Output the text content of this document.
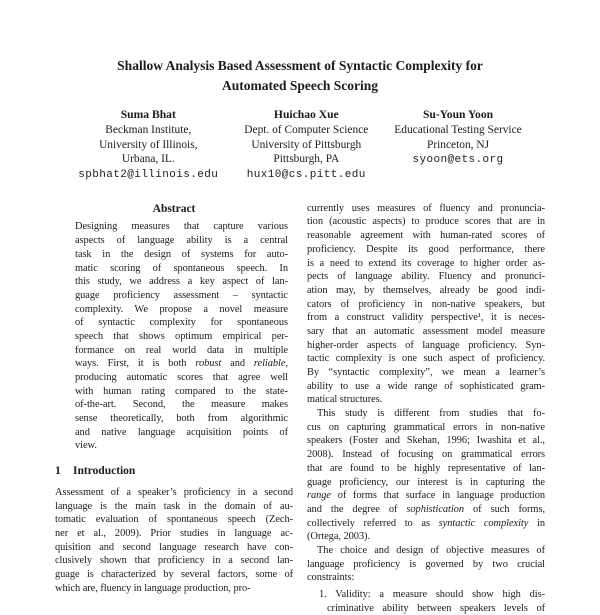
Shallow Analysis Based Assessment of Syntactic Complexity for
Automated Speech Scoring
Suma Bhat
Beckman Institute,
University of Illinois,
Urbana, IL.
spbhat2@illinois.edu
Huichao Xue
Dept. of Computer Science
University of Pittsburgh
Pittsburgh, PA
hux10@cs.pitt.edu
Su-Youn Yoon
Educational Testing Service
Princeton, NJ
syoon@ets.org
Abstract
Designing measures that capture various
aspects of language ability is a central
task in the design of systems for auto-
matic scoring of spontaneous speech. In
this study, we address a key aspect of lan-
guage proficiency assessment – syntactic
complexity. We propose a novel measure
of syntactic complexity for spontaneous
speech that shows optimum empirical per-
formance on real world data in multiple
ways. First, it is both robust and reliable,
producing automatic scores that agree well
with human rating compared to the state-
of-the-art. Second, the measure makes
sense theoretically, both from algorithmic
and native language acquisition points of
view.
1 Introduction
Assessment of a speaker’s proficiency in a second
language is the main task in the domain of au-
tomatic evaluation of spontaneous speech (Zech-
ner et al., 2009). Prior studies in language ac-
quisition and second language research have con-
clusively shown that proficiency in a second lan-
guage is characterized by several factors, some of
which are, fluency in language production, pro-
currently uses measures of fluency and pronuncia-
tion (acoustic aspects) to produce scores that are in
reasonable agreement with human-rated scores of
proficiency. Despite its good performance, there
is a need to extend its coverage to higher order as-
pects of language ability. Fluency and pronunci-
ation may, by themselves, already be good indi-
cators of proficiency in non-native speakers, but
from a construct validity perspective¹, it is neces-
sary that an automatic assessment model measure
higher-order aspects of language proficiency. Syn-
tactic complexity is one such aspect of proficiency.
By “syntactic complexity”, we mean a learner’s
ability to use a wide range of sophisticated gram-
matical structures.
This study is different from studies that fo-
cus on capturing grammatical errors in non-native
speakers (Foster and Skehan, 1996; Iwashita et al.,
2008). Instead of focusing on grammatical errors
that are found to be highly representative of lan-
guage proficiency, our interest is in capturing the
range of forms that surface in language production
and the degree of sophistication of such forms,
collectively referred to as syntactic complexity in
(Ortega, 2003).
The choice and design of objective measures of
language proficiency is governed by two crucial
constraints:
1. Validity: a measure should show high dis-
criminative ability between speakers levels of
